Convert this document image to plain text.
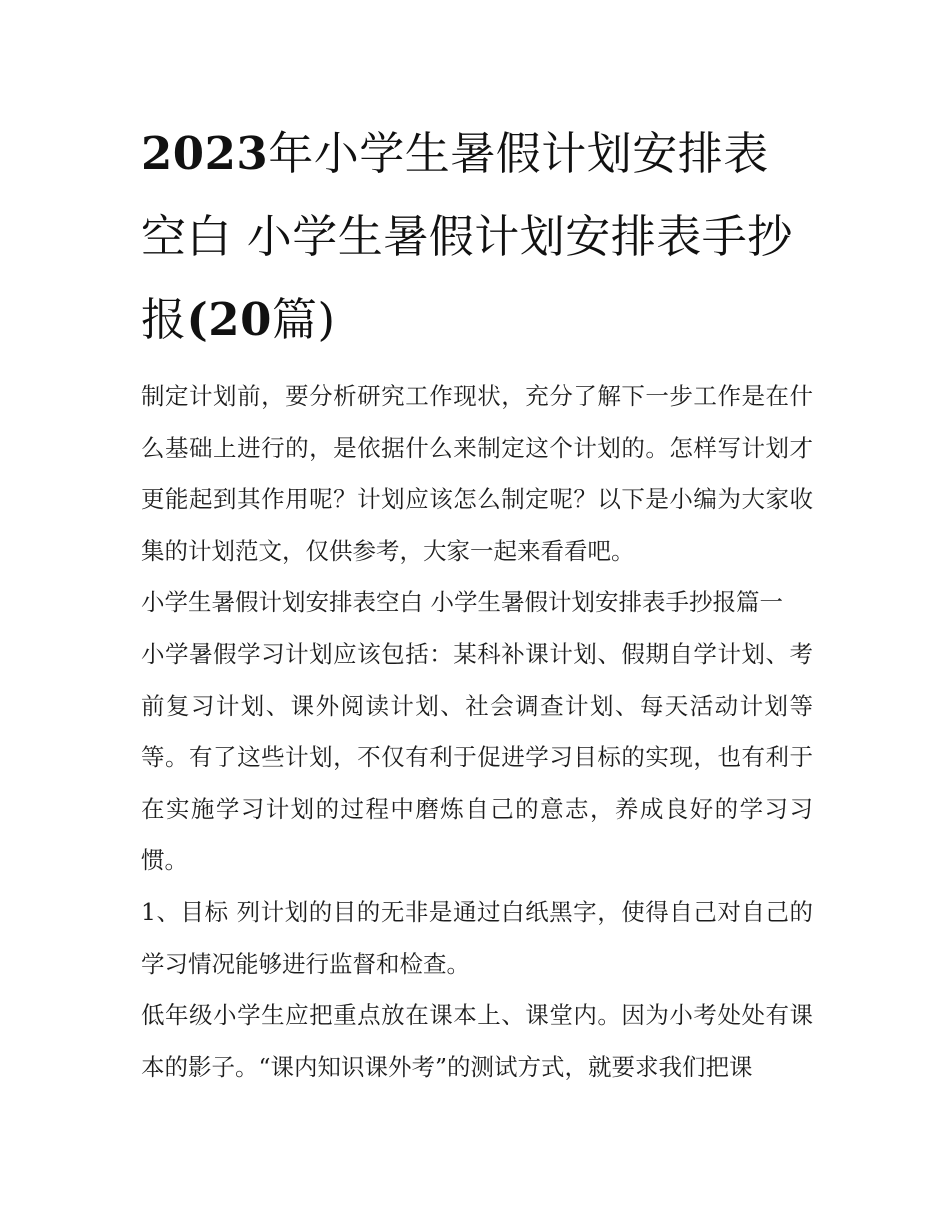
2023年小学生暑假计划安排表空白 小学生暑假计划安排表手抄报(20篇)

制定计划前，要分析研究工作现状，充分了解下一步工作是在什么基础上进行的，是依据什么来制定这个计划的。怎样写计划才更能起到其作用呢？计划应该怎么制定呢？以下是小编为大家收集的计划范文，仅供参考，大家一起来看看吧。

小学生暑假计划安排表空白 小学生暑假计划安排表手抄报篇一

小学暑假学习计划应该包括：某科补课计划、假期自学计划、考前复习计划、课外阅读计划、社会调查计划、每天活动计划等等。有了这些计划，不仅有利于促进学习目标的实现，也有利于在实施学习计划的过程中磨炼自己的意志，养成良好的学习习惯。

1、目标 列计划的目的无非是通过白纸黑字，使得自己对自己的学习情况能够进行监督和检查。

低年级小学生应把重点放在课本上、课堂内。因为小考处处有课本的影子。“课内知识课外考”的测试方式，就要求我们把课
